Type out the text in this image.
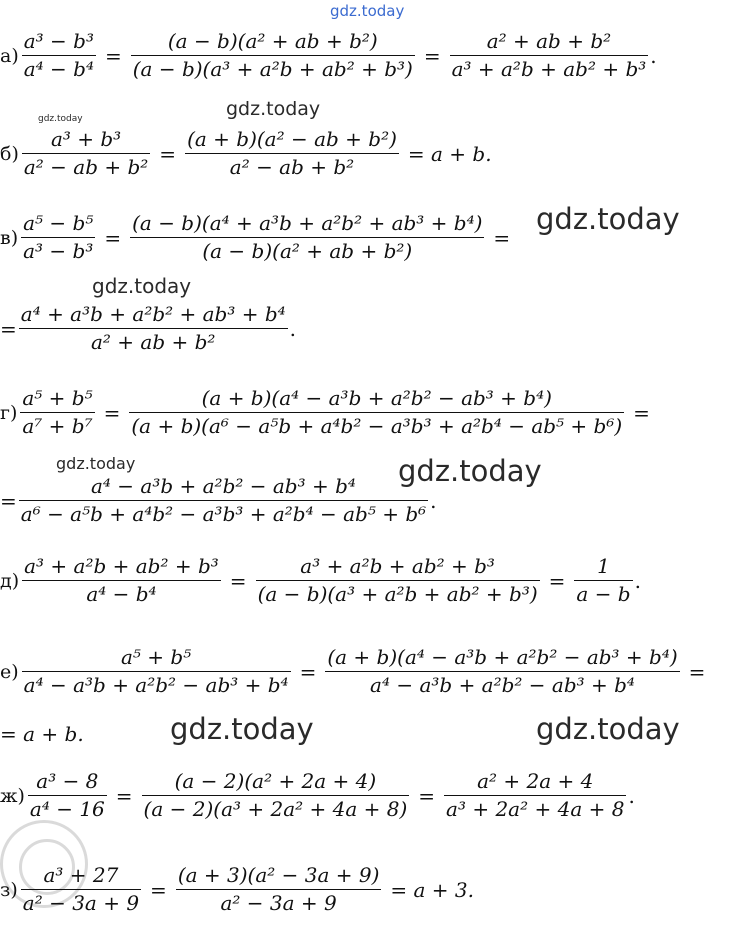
gdz.today
gdz.today	gdz.today
gdz.today
gdz.today
gdz.today	gdz.today
gdz.today	gdz.today
$а) \frac{\text{a³ − b³}}{\text{a⁴ − b⁴}} = \frac{\text{(a − b)(a² + ab + b²)}}{\text{(a − b)(a³ + a²b + ab² + b³)}} = \frac{\text{a² + ab + b²}}{\text{a³ + a²b + ab² + b³}}$ .
$б) \frac{\text{a³ + b³}}{\text{a² − ab + b²}} = \frac{\text{(a + b)(a² − ab + b²)}}{\text{a² − ab + b²}} = a + b$.
$в) \frac{\text{a⁵ − b⁵}}{\text{a³ − b³}} = \frac{\text{(a − b)(a⁴ + a³b + a²b² + ab³ + b⁴)}}{\text{(a − b)(a² + ab + b²)}}$ =
= $\frac{\text{a⁴ + a³b + a²b² + ab³ + b⁴}}{\text{a² + ab + b²}}$ .
$г) \frac{\text{a⁵ + b⁵}}{\text{a⁷ + b⁷}} = \frac{\text{(a + b)(a⁴ − a³b + a²b² − ab³ + b⁴)}}{\text{(a + b)(a⁶ − a⁵b + a⁴b² − a³b³ + a²b⁴ − ab⁵ + b⁶)}}$ =
= $\frac{\text{a⁴ − a³b + a²b² − ab³ + b⁴}}{\text{a⁶ − a⁵b + a⁴b² − a³b³ + a²b⁴ − ab⁵ + b⁶}}$ .
$д) \frac{\text{a³ + a²b + ab² + b³}}{\text{a⁴ − b⁴}} = \frac{\text{a³ + a²b + ab² + b³}}{\text{(a − b)(a³ + a²b + ab² + b³)}} = \frac{1}{a - b}$ .
$е) \frac{\text{a⁵ + b⁵}}{\text{a⁴ − a³b + a²b² − ab³ + b⁴}} = \frac{\text{(a + b)(a⁴ − a³b + a²b² − ab³ + b⁴)}}{\text{a⁴ − a³b + a²b² − ab³ + b⁴}}$ =
= a + b.
$ж) \frac{\text{a³ − 8}}{\text{a⁴ − 16}} = \frac{\text{(a − 2)(a² + 2a + 4)}}{\text{(a − 2)(a³ + 2a² + 4a + 8)}} = \frac{\text{a² + 2a + 4}}{\text{a³ + 2a² + 4a + 8}}$ .
$з) \frac{\text{a³ + 27}}{\text{a² − 3a + 9}} = \frac{\text{(a + 3)(a² − 3a + 9)}}{\text{a² − 3a + 9}} = a + 3$.
